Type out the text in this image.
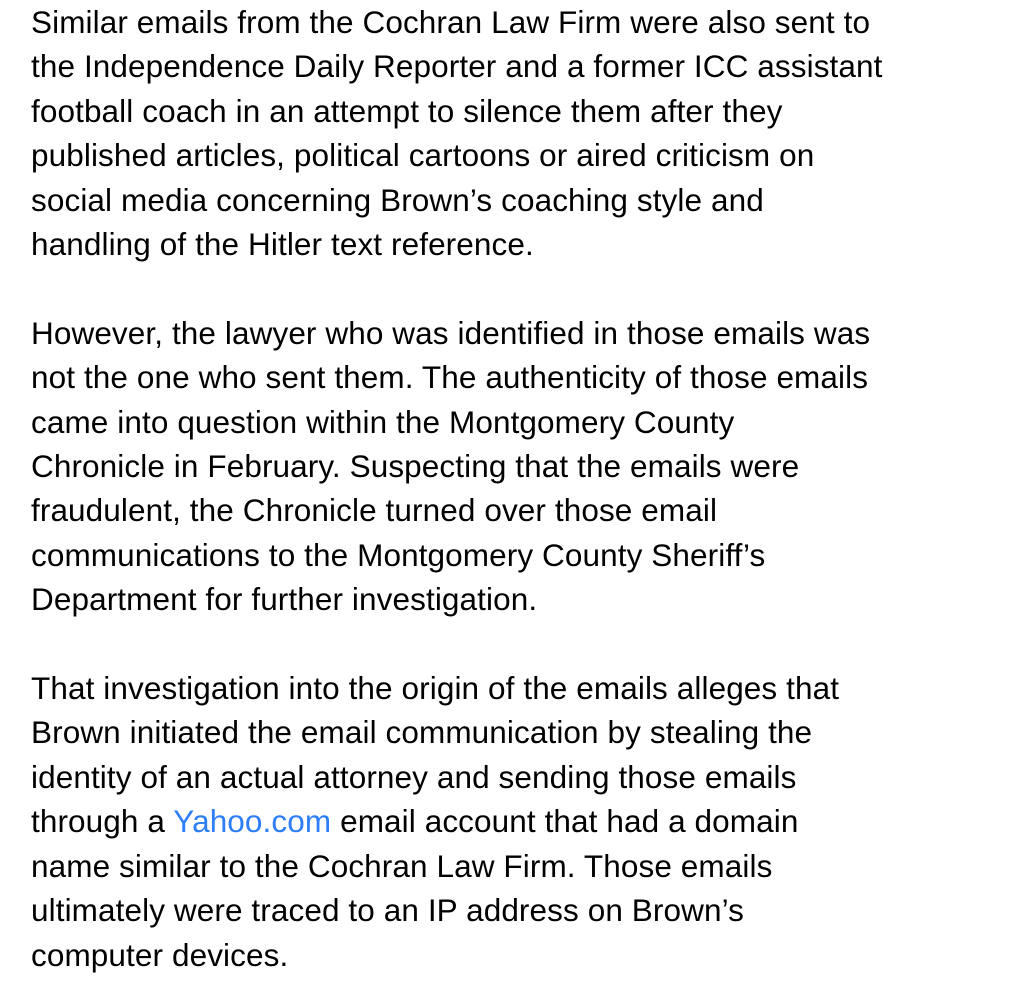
Similar emails from the Cochran Law Firm were also sent to
the Independence Daily Reporter and a former ICC assistant
football coach in an attempt to silence them after they
published articles, political cartoons or aired criticism on
social media concerning Brown’s coaching style and
handling of the Hitler text reference.

However, the lawyer who was identified in those emails was
not the one who sent them. The authenticity of those emails
came into question within the Montgomery County
Chronicle in February. Suspecting that the emails were
fraudulent, the Chronicle turned over those email
communications to the Montgomery County Sheriff’s
Department for further investigation.

That investigation into the origin of the emails alleges that
Brown initiated the email communication by stealing the
identity of an actual attorney and sending those emails
through a Yahoo.com email account that had a domain
name similar to the Cochran Law Firm. Those emails
ultimately were traced to an IP address on Brown’s
computer devices.
